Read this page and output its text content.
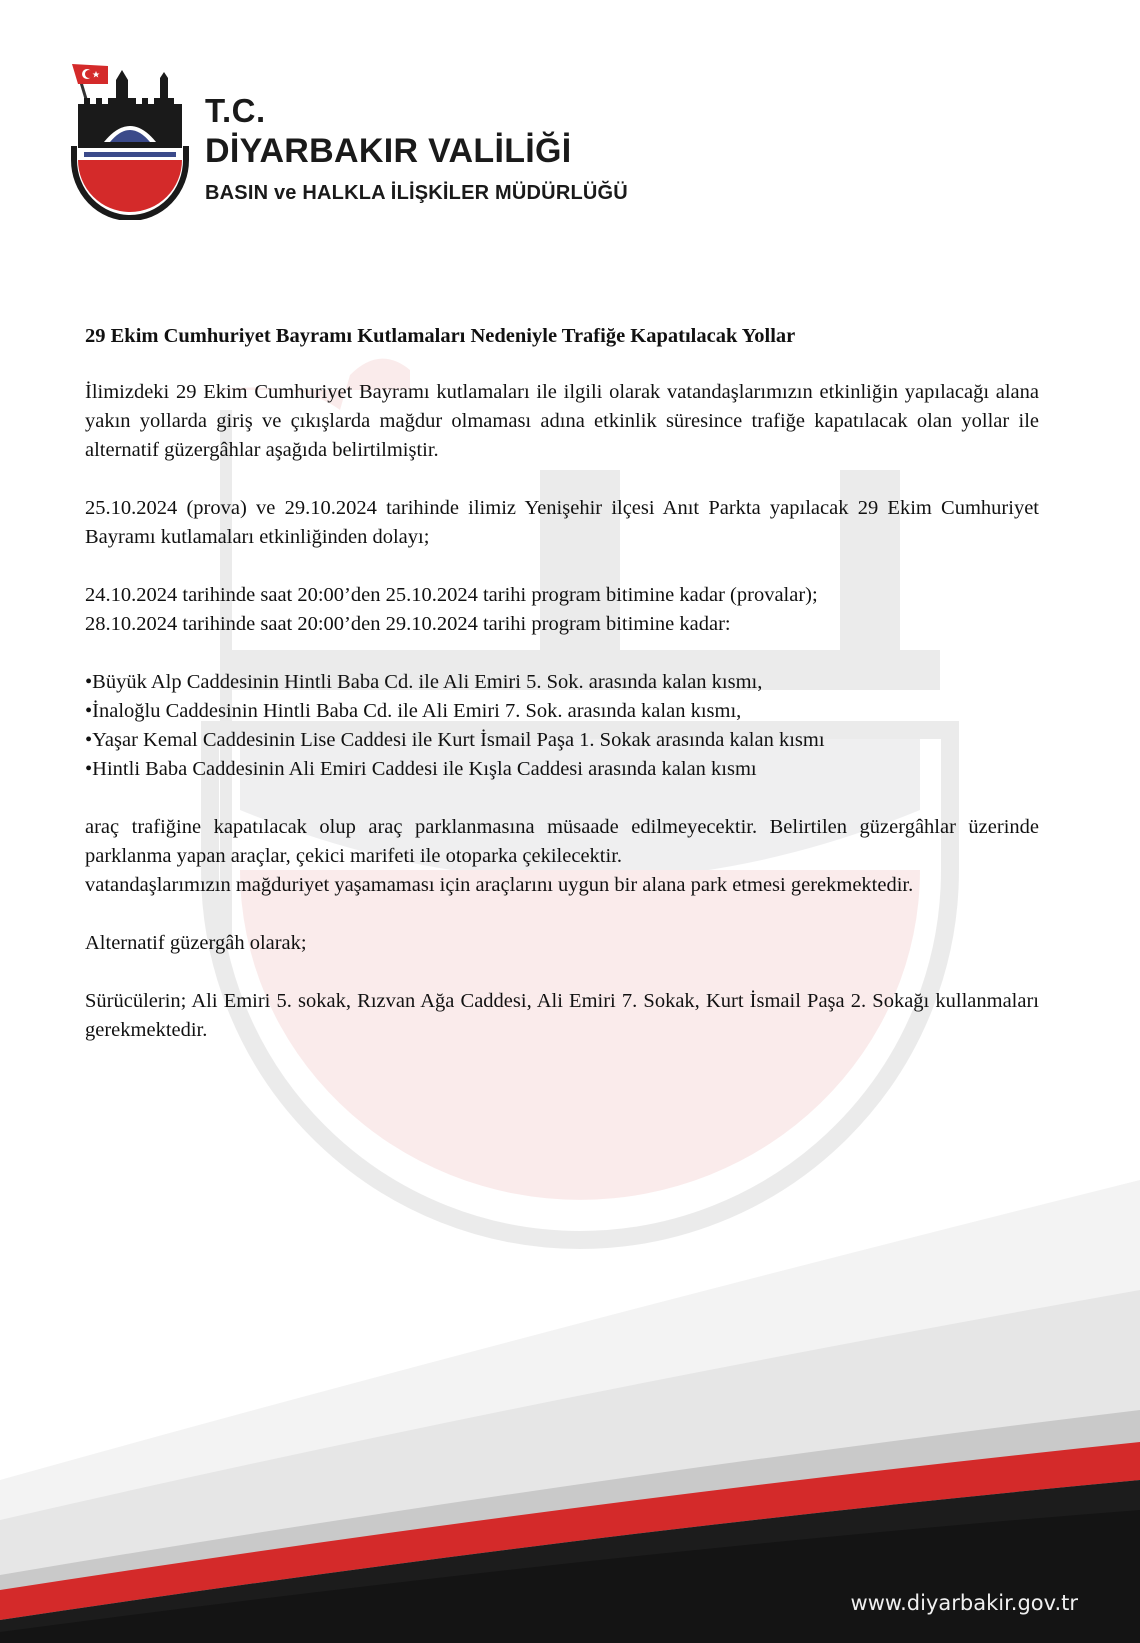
T.C.
DİYARBAKIR VALİLİĞİ
BASIN ve HALKLA İLİŞKİLER MÜDÜRLÜĞÜ

29 Ekim Cumhuriyet Bayramı Kutlamaları Nedeniyle Trafiğe Kapatılacak Yollar

İlimizdeki 29 Ekim Cumhuriyet Bayramı kutlamaları ile ilgili olarak vatandaşlarımızın etkinliğin yapılacağı alana yakın yollarda giriş ve çıkışlarda mağdur olmaması adına etkinlik süresince trafiğe kapatılacak olan yollar ile alternatif güzergâhlar aşağıda belirtilmiştir.

25.10.2024 (prova) ve 29.10.2024 tarihinde ilimiz Yenişehir ilçesi Anıt Parkta yapılacak 29 Ekim Cumhuriyet Bayramı kutlamaları etkinliğinden dolayı;

24.10.2024 tarihinde saat 20:00’den 25.10.2024 tarihi program bitimine kadar (provalar);

28.10.2024 tarihinde saat 20:00’den 29.10.2024 tarihi program bitimine kadar:

•Büyük Alp Caddesinin Hintli Baba Cd. ile Ali Emiri 5. Sok. arasında kalan kısmı,

•İnaloğlu Caddesinin Hintli Baba Cd. ile Ali Emiri 7. Sok. arasında kalan kısmı,

•Yaşar Kemal Caddesinin Lise Caddesi ile Kurt İsmail Paşa 1. Sokak arasında kalan kısmı

•Hintli Baba Caddesinin Ali Emiri Caddesi ile Kışla Caddesi arasında kalan kısmı

araç trafiğine kapatılacak olup araç parklanmasına müsaade edilmeyecektir. Belirtilen güzergâhlar üzerinde parklanma yapan araçlar, çekici marifeti ile otoparka çekilecektir.

vatandaşlarımızın mağduriyet yaşamaması için araçlarını uygun bir alana park etmesi gerekmektedir.

Alternatif güzergâh olarak;

Sürücülerin; Ali Emiri 5. sokak, Rızvan Ağa Caddesi, Ali Emiri 7. Sokak, Kurt İsmail Paşa 2. Sokağı kullanmaları gerekmektedir.

www.diyarbakir.gov.tr
